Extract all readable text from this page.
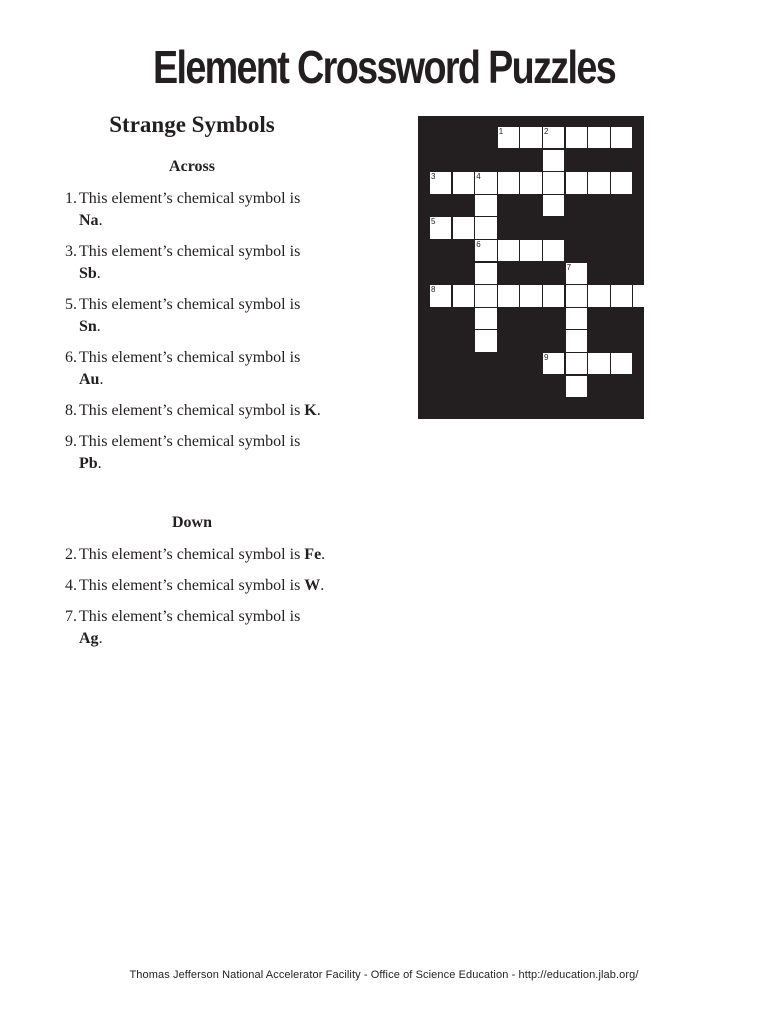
Element Crossword Puzzles
Strange Symbols
Across
1 . This element’s chemical symbol is Na.
3 . This element’s chemical symbol is Sb.
5 . This element’s chemical symbol is Sn.
6 . This element’s chemical symbol is Au.
8 . This element’s chemical symbol is K.
9 . This element’s chemical symbol is Pb.
Down
2 . This element’s chemical symbol is Fe.
4 . This element’s chemical symbol is W.
7 . This element’s chemical symbol is Ag.
1	2
3	4
5
6
7
8
9
Thomas Jefferson National Accelerator Facility - Office of Science Education - http://education.jlab.org/
